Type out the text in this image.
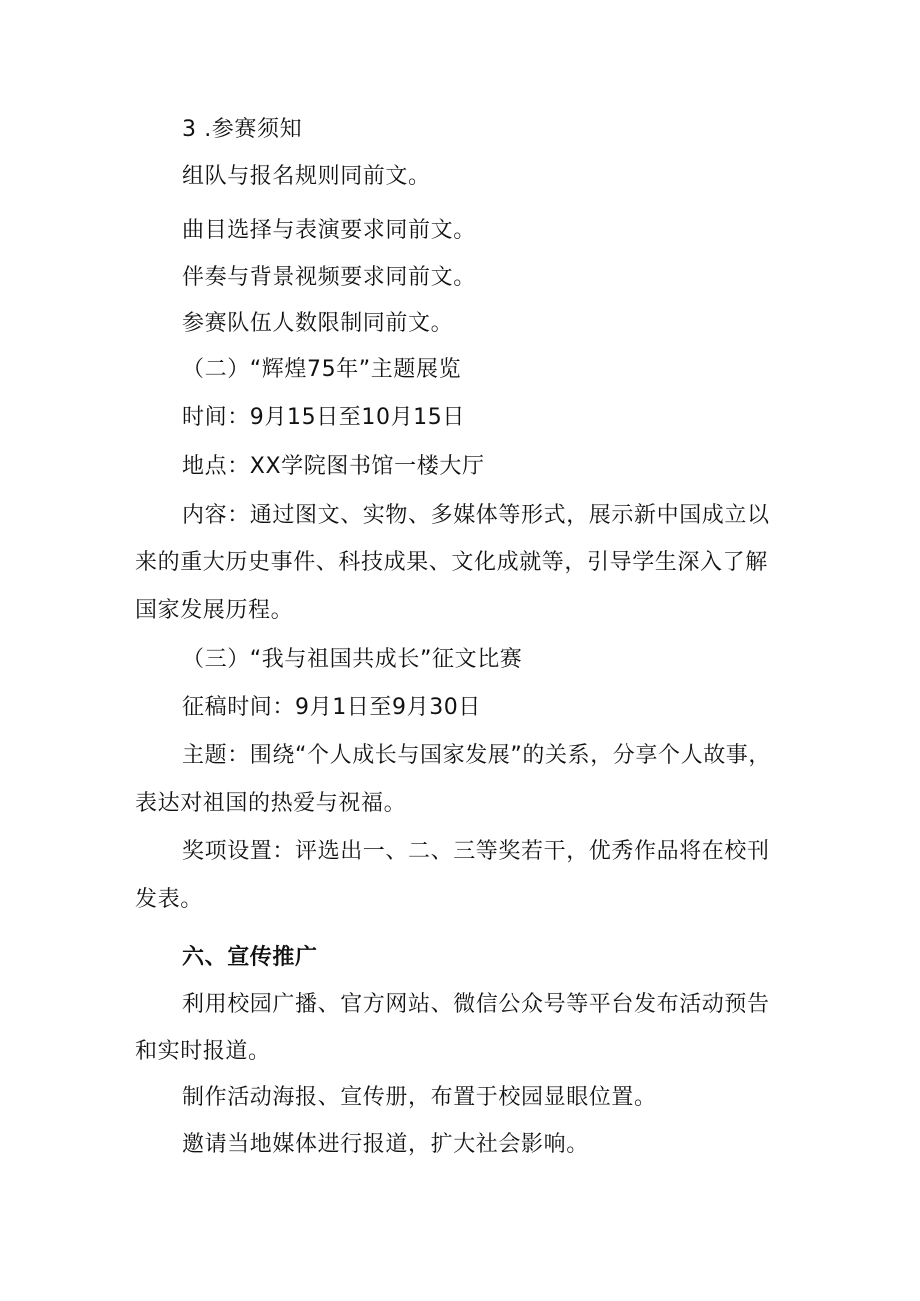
3 .参赛须知
组队与报名规则同前文。
曲目选择与表演要求同前文。
伴奏与背景视频要求同前文。
参赛队伍人数限制同前文。
（二）“辉煌75年”主题展览
时间：9月15日至10月15日
地点：XX学院图书馆一楼大厅
内容：通过图文、实物、多媒体等形式，展示新中国成立以
来的重大历史事件、科技成果、文化成就等，引导学生深入了解
国家发展历程。
（三）“我与祖国共成长”征文比赛
征稿时间：9月1日至9月30日
主题：围绕“个人成长与国家发展”的关系，分享个人故事，
表达对祖国的热爱与祝福。
奖项设置：评选出一、二、三等奖若干，优秀作品将在校刊
发表。
六、宣传推广
利用校园广播、官方网站、微信公众号等平台发布活动预告
和实时报道。
制作活动海报、宣传册，布置于校园显眼位置。
邀请当地媒体进行报道，扩大社会影响。
